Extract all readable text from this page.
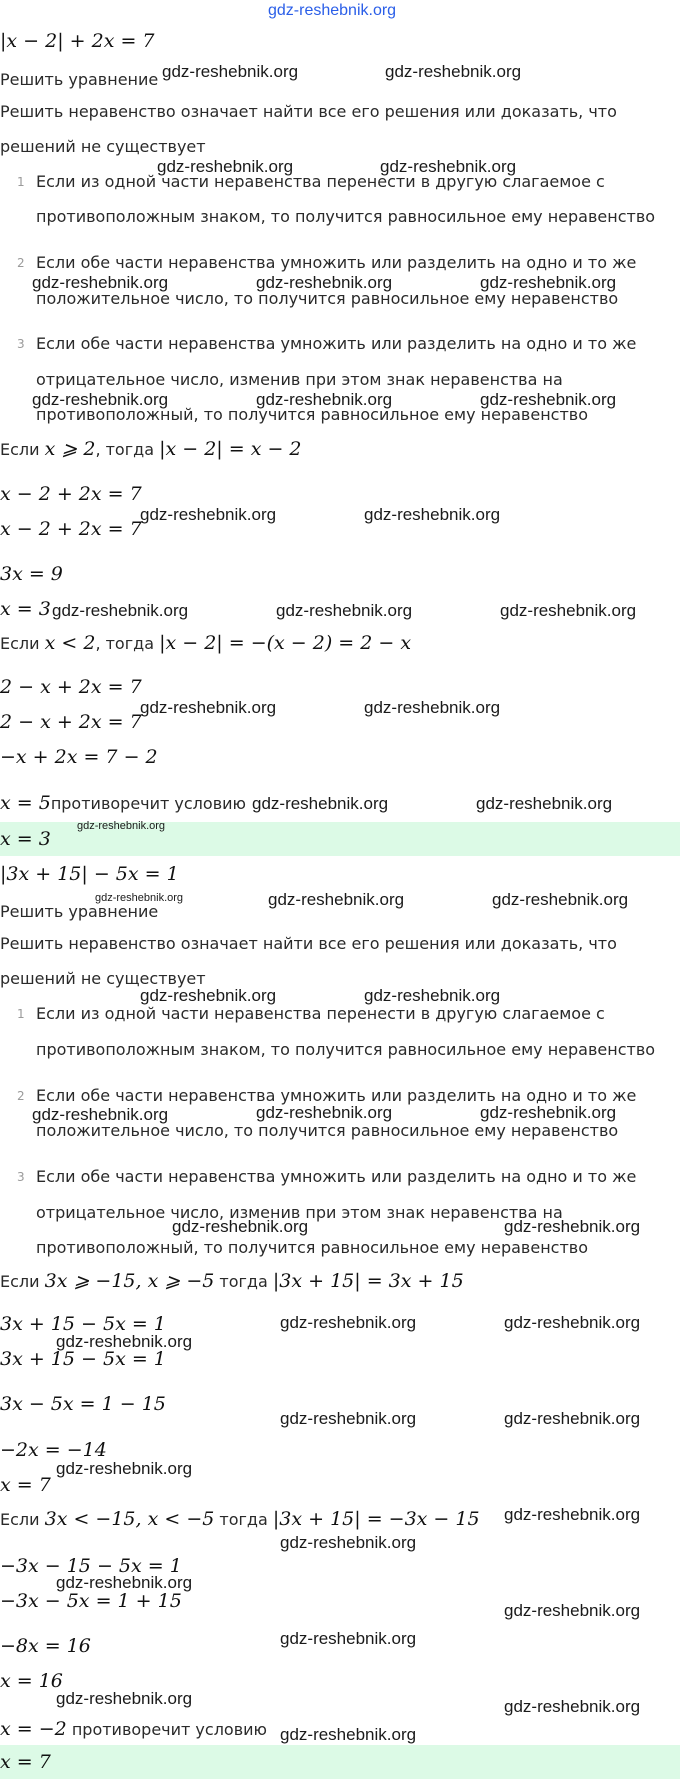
gdz-reshebnik.org
|x − 2| + 2x = 7
Решить уравнение
Решить неравенство означает найти все его решения или доказать, что
решений не существует
1 Если из одной части неравенства перенести в другую слагаемое с
противоположным знаком, то получится равносильное ему неравенство
2 Если обе части неравенства умножить или разделить на одно и то же
положительное число, то получится равносильное ему неравенство
3 Если обе части неравенства умножить или разделить на одно и то же
отрицательное число, изменив при этом знак неравенства на
противоположный, то получится равносильное ему неравенство
Если x ⩾ 2, тогда |x − 2| = x − 2
x − 2 + 2x = 7
x − 2 + 2x = 7
3x = 9
x = 3
Если x < 2, тогда |x − 2| = −(x − 2) = 2 − x
2 − x + 2x = 7
2 − x + 2x = 7
−x + 2x = 7 − 2
x = 5противоречит условию
x = 3
|3x + 15| − 5x = 1
Решить уравнение
Решить неравенство означает найти все его решения или доказать, что
решений не существует
1 Если из одной части неравенства перенести в другую слагаемое с
противоположным знаком, то получится равносильное ему неравенство
2 Если обе части неравенства умножить или разделить на одно и то же
положительное число, то получится равносильное ему неравенство
3 Если обе части неравенства умножить или разделить на одно и то же
отрицательное число, изменив при этом знак неравенства на
противоположный, то получится равносильное ему неравенство
Если 3x ⩾ −15, x ⩾ −5 тогда |3x + 15| = 3x + 15
3x + 15 − 5x = 1
3x + 15 − 5x = 1
3x − 5x = 1 − 15
−2x = −14
x = 7
Если 3x < −15, x < −5 тогда |3x + 15| = −3x − 15
−3x − 15 − 5x = 1
−3x − 5x = 1 + 15
−8x = 16
x = 16
x = −2 противоречит условию
x = 7
gdz-reshebnik.org	gdz-reshebnik.org
gdz-reshebnik.org	gdz-reshebnik.org
gdz-reshebnik.org	gdz-reshebnik.org	gdz-reshebnik.org
gdz-reshebnik.org	gdz-reshebnik.org	gdz-reshebnik.org
gdz-reshebnik.org	gdz-reshebnik.org
gdz-reshebnik.org	gdz-reshebnik.org	gdz-reshebnik.org
gdz-reshebnik.org	gdz-reshebnik.org
gdz-reshebnik.org	gdz-reshebnik.org
gdz-reshebnik.org
gdz-reshebnik.org	gdz-reshebnik.org	gdz-reshebnik.org
gdz-reshebnik.org	gdz-reshebnik.org
gdz-reshebnik.org	gdz-reshebnik.org	gdz-reshebnik.org
gdz-reshebnik.org	gdz-reshebnik.org
gdz-reshebnik.org	gdz-reshebnik.org
gdz-reshebnik.org
gdz-reshebnik.org	gdz-reshebnik.org
gdz-reshebnik.org
gdz-reshebnik.org
gdz-reshebnik.org
gdz-reshebnik.org
gdz-reshebnik.org
gdz-reshebnik.org
gdz-reshebnik.org	gdz-reshebnik.org
gdz-reshebnik.org
